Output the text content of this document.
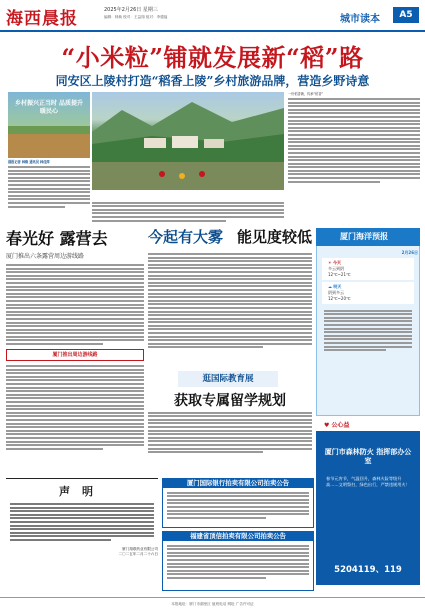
海西晨报	2025年2月26日 星期三
编辑：林焕 校对：王益翔 组对：李德福	城市读本	A5
“小米粒”铺就发展新“稻”路
同安区上陵村打造“稻香上陵”乡村旅游品牌，营造乡野诗意
乡村振兴正当时 品质提升暖民心
晨报记者 林焕 通讯员 林佳萍
一份稻香碗，传承“稻香”
春光好 露营去
厦门推出六条露营周边游线路
厦门推出周边游线路
今起有大雾 能见度较低
逛国际教育展
获取专属留学规划
厦门海洋预报
2月26日
☀ 今天
多云到阴
12℃~21℃
☁ 明天
阴到多云
12℃~20℃
厦门市森林防火 指挥部办公室
春节元宵节，气温回升，森林火险等级升高……文明祭扫，绿色出行，严禁违规用火！
5204119、119
♥ 公心益
声明
厦门翔联药业有限公司
二〇二五年二月二十六日
厦门国际银行拍卖有限公司拍卖公告
福建省顶信拍卖有限公司拍卖公告
本报地址：厦门市湖里区 值班电话 网址 广告许可证
